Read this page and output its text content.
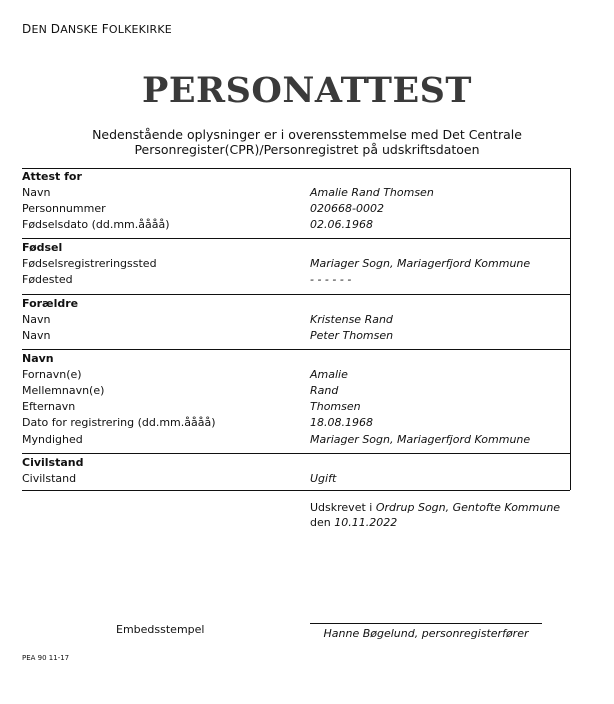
DEN DANSKE FOLKEKIRKE
PERSONATTEST
Nedenstående oplysninger er i overensstemmelse med Det Centrale
Personregister(CPR)/Personregistret på udskriftsdatoen
Attest for
Navn	Amalie Rand Thomsen
Personnummer	020668-0002
Fødselsdato (dd.mm.åååå)	02.06.1968
Fødsel
Fødselsregistreringssted	Mariager Sogn, Mariagerfjord Kommune
Fødested	- - - - - -
Forældre
Navn	Kristense Rand
Navn	Peter Thomsen
Navn
Fornavn(e)	Amalie
Mellemnavn(e)	Rand
Efternavn	Thomsen
Dato for registrering (dd.mm.åååå)	18.08.1968
Myndighed	Mariager Sogn, Mariagerfjord Kommune
Civilstand
Civilstand	Ugift
Udskrevet i Ordrup Sogn, Gentofte Kommune
den 10.11.2022
Embedsstempel	Hanne Bøgelund, personregisterfører
PEA 90 11-17
